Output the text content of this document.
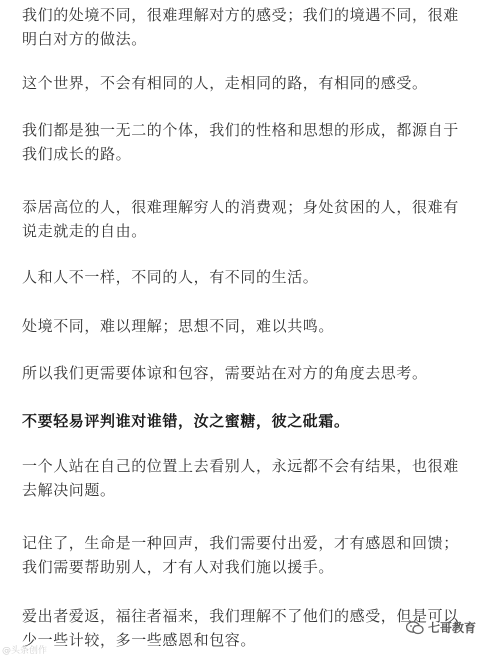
我们的处境不同，很难理解对方的感受；我们的境遇不同，很难明白对方的做法。

这个世界，不会有相同的人，走相同的路，有相同的感受。

我们都是独一无二的个体，我们的性格和思想的形成，都源自于我们成长的路。

忝居高位的人，很难理解穷人的消费观；身处贫困的人，很难有说走就走的自由。

人和人不一样，不同的人，有不同的生活。

处境不同，难以理解；思想不同，难以共鸣。

所以我们更需要体谅和包容，需要站在对方的角度去思考。

不要轻易评判谁对谁错，汝之蜜糖，彼之砒霜。

一个人站在自己的位置上去看别人，永远都不会有结果，也很难去解决问题。

记住了，生命是一种回声，我们需要付出爱，才有感恩和回馈；我们需要帮助别人，才有人对我们施以援手。

爱出者爱返，福往者福来，我们理解不了他们的感受，但是可以少一些计较，多一些感恩和包容。

@头条创作
七哥教育
